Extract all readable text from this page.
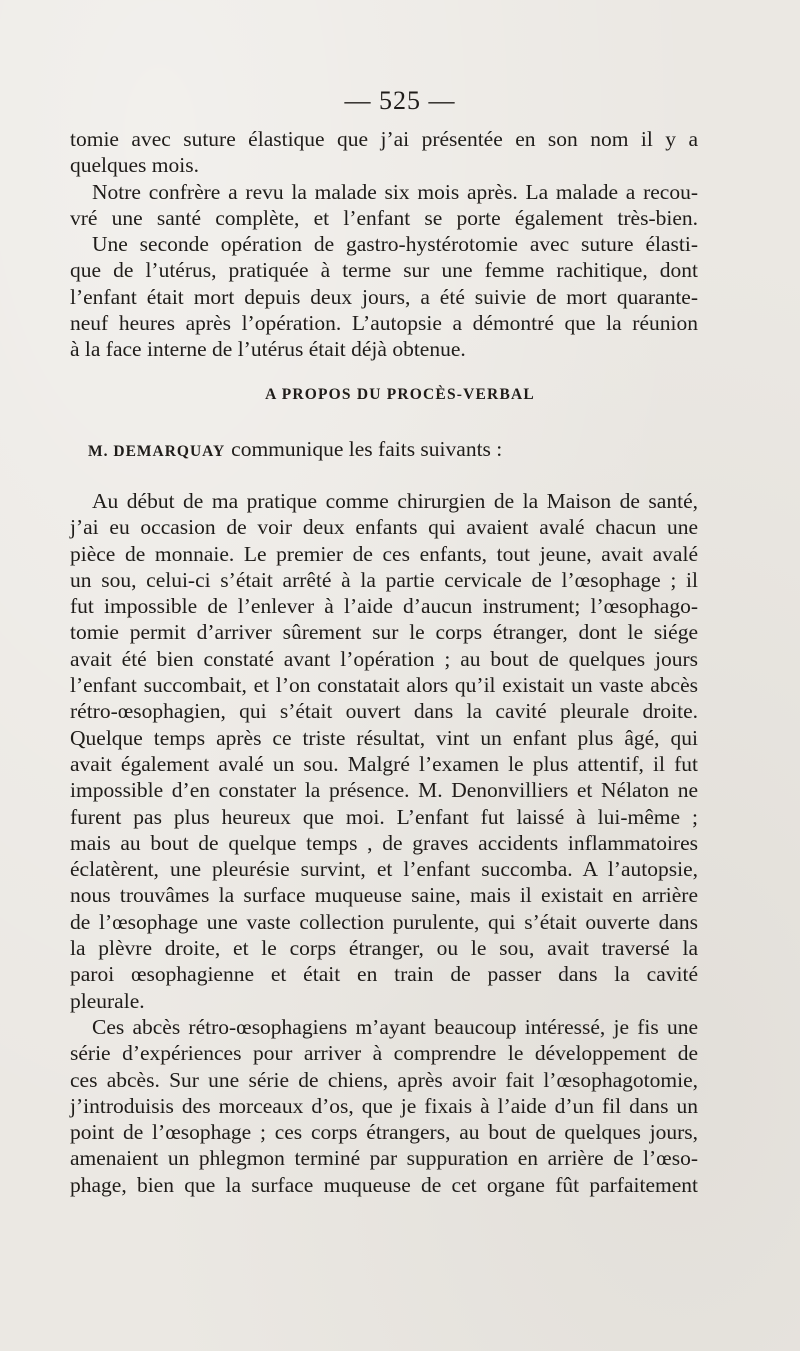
— 525 —
tomie avec suture élastique que j’ai présentée en son nom il y a
quelques mois.
Notre confrère a revu la malade six mois après. La malade a recou-
vré une santé complète, et l’enfant se porte également très-bien.
Une seconde opération de gastro-hystérotomie avec suture élasti-
que de l’utérus, pratiquée à terme sur une femme rachitique, dont
l’enfant était mort depuis deux jours, a été suivie de mort quarante-
neuf heures après l’opération. L’autopsie a démontré que la réunion
à la face interne de l’utérus était déjà obtenue.
A PROPOS DU PROCÈS-VERBAL
M. DEMARQUAY communique les faits suivants :
Au début de ma pratique comme chirurgien de la Maison de santé,
j’ai eu occasion de voir deux enfants qui avaient avalé chacun une
pièce de monnaie. Le premier de ces enfants, tout jeune, avait avalé
un sou, celui-ci s’était arrêté à la partie cervicale de l’œsophage ; il
fut impossible de l’enlever à l’aide d’aucun instrument; l’œsophago-
tomie permit d’arriver sûrement sur le corps étranger, dont le siége
avait été bien constaté avant l’opération ; au bout de quelques jours
l’enfant succombait, et l’on constatait alors qu’il existait un vaste abcès
rétro-œsophagien, qui s’était ouvert dans la cavité pleurale droite.
Quelque temps après ce triste résultat, vint un enfant plus âgé, qui
avait également avalé un sou. Malgré l’examen le plus attentif, il fut
impossible d’en constater la présence. M. Denonvilliers et Nélaton ne
furent pas plus heureux que moi. L’enfant fut laissé à lui-même ;
mais au bout de quelque temps , de graves accidents inflammatoires
éclatèrent, une pleurésie survint, et l’enfant succomba. A l’autopsie,
nous trouvâmes la surface muqueuse saine, mais il existait en arrière
de l’œsophage une vaste collection purulente, qui s’était ouverte dans
la plèvre droite, et le corps étranger, ou le sou, avait traversé la
paroi œsophagienne et était en train de passer dans la cavité
pleurale.
Ces abcès rétro-œsophagiens m’ayant beaucoup intéressé, je fis une
série d’expériences pour arriver à comprendre le développement de
ces abcès. Sur une série de chiens, après avoir fait l’œsophagotomie,
j’introduisis des morceaux d’os, que je fixais à l’aide d’un fil dans un
point de l’œsophage ; ces corps étrangers, au bout de quelques jours,
amenaient un phlegmon terminé par suppuration en arrière de l’œso-
phage, bien que la surface muqueuse de cet organe fût parfaitement
